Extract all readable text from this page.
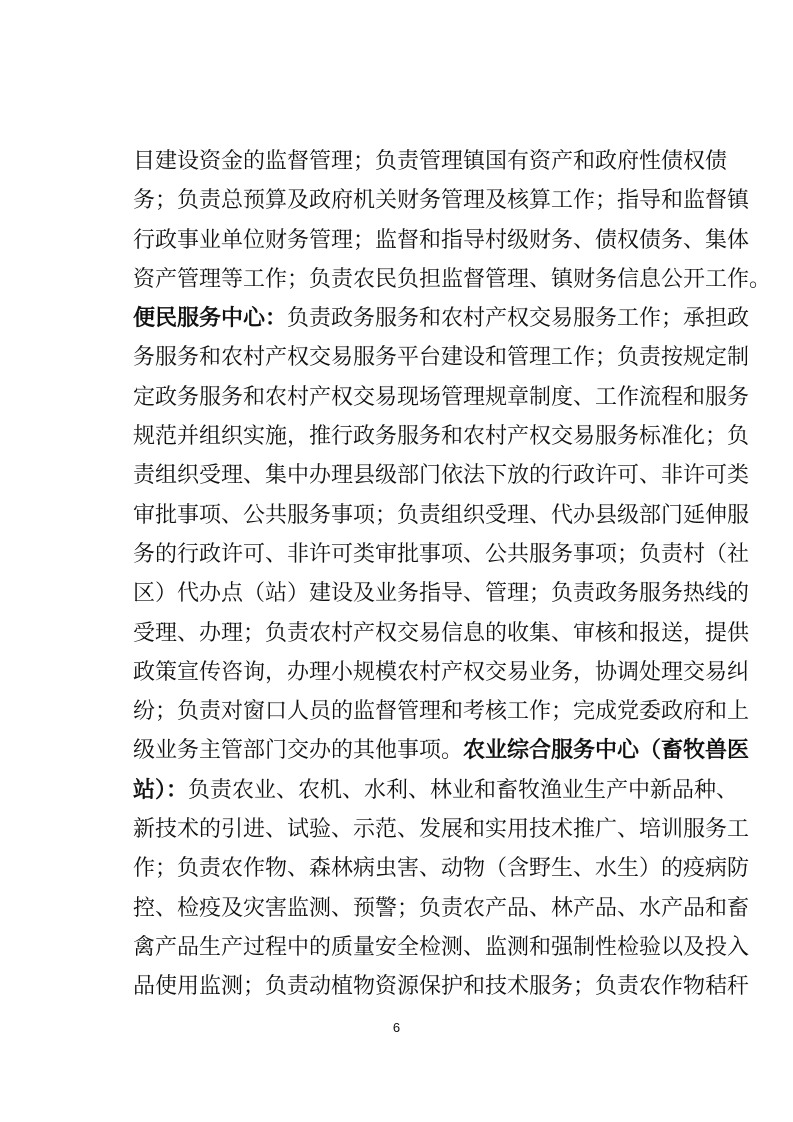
目建设资金的监督管理；负责管理镇国有资产和政府性债权债
务；负责总预算及政府机关财务管理及核算工作；指导和监督镇
行政事业单位财务管理；监督和指导村级财务、债权债务、集体
资产管理等工作；负责农民负担监督管理、镇财务信息公开工作。
便民服务中心：负责政务服务和农村产权交易服务工作；承担政
务服务和农村产权交易服务平台建设和管理工作；负责按规定制
定政务服务和农村产权交易现场管理规章制度、工作流程和服务
规范并组织实施，推行政务服务和农村产权交易服务标准化；负
责组织受理、集中办理县级部门依法下放的行政许可、非许可类
审批事项、公共服务事项；负责组织受理、代办县级部门延伸服
务的行政许可、非许可类审批事项、公共服务事项；负责村（社
区）代办点（站）建设及业务指导、管理；负责政务服务热线的
受理、办理；负责农村产权交易信息的收集、审核和报送，提供
政策宣传咨询，办理小规模农村产权交易业务，协调处理交易纠
纷；负责对窗口人员的监督管理和考核工作；完成党委政府和上
级业务主管部门交办的其他事项。农业综合服务中心（畜牧兽医
站）：负责农业、农机、水利、林业和畜牧渔业生产中新品种、
新技术的引进、试验、示范、发展和实用技术推广、培训服务工
作；负责农作物、森林病虫害、动物（含野生、水生）的疫病防
控、检疫及灾害监测、预警；负责农产品、林产品、水产品和畜
禽产品生产过程中的质量安全检测、监测和强制性检验以及投入
品使用监测；负责动植物资源保护和技术服务；负责农作物秸秆
6
